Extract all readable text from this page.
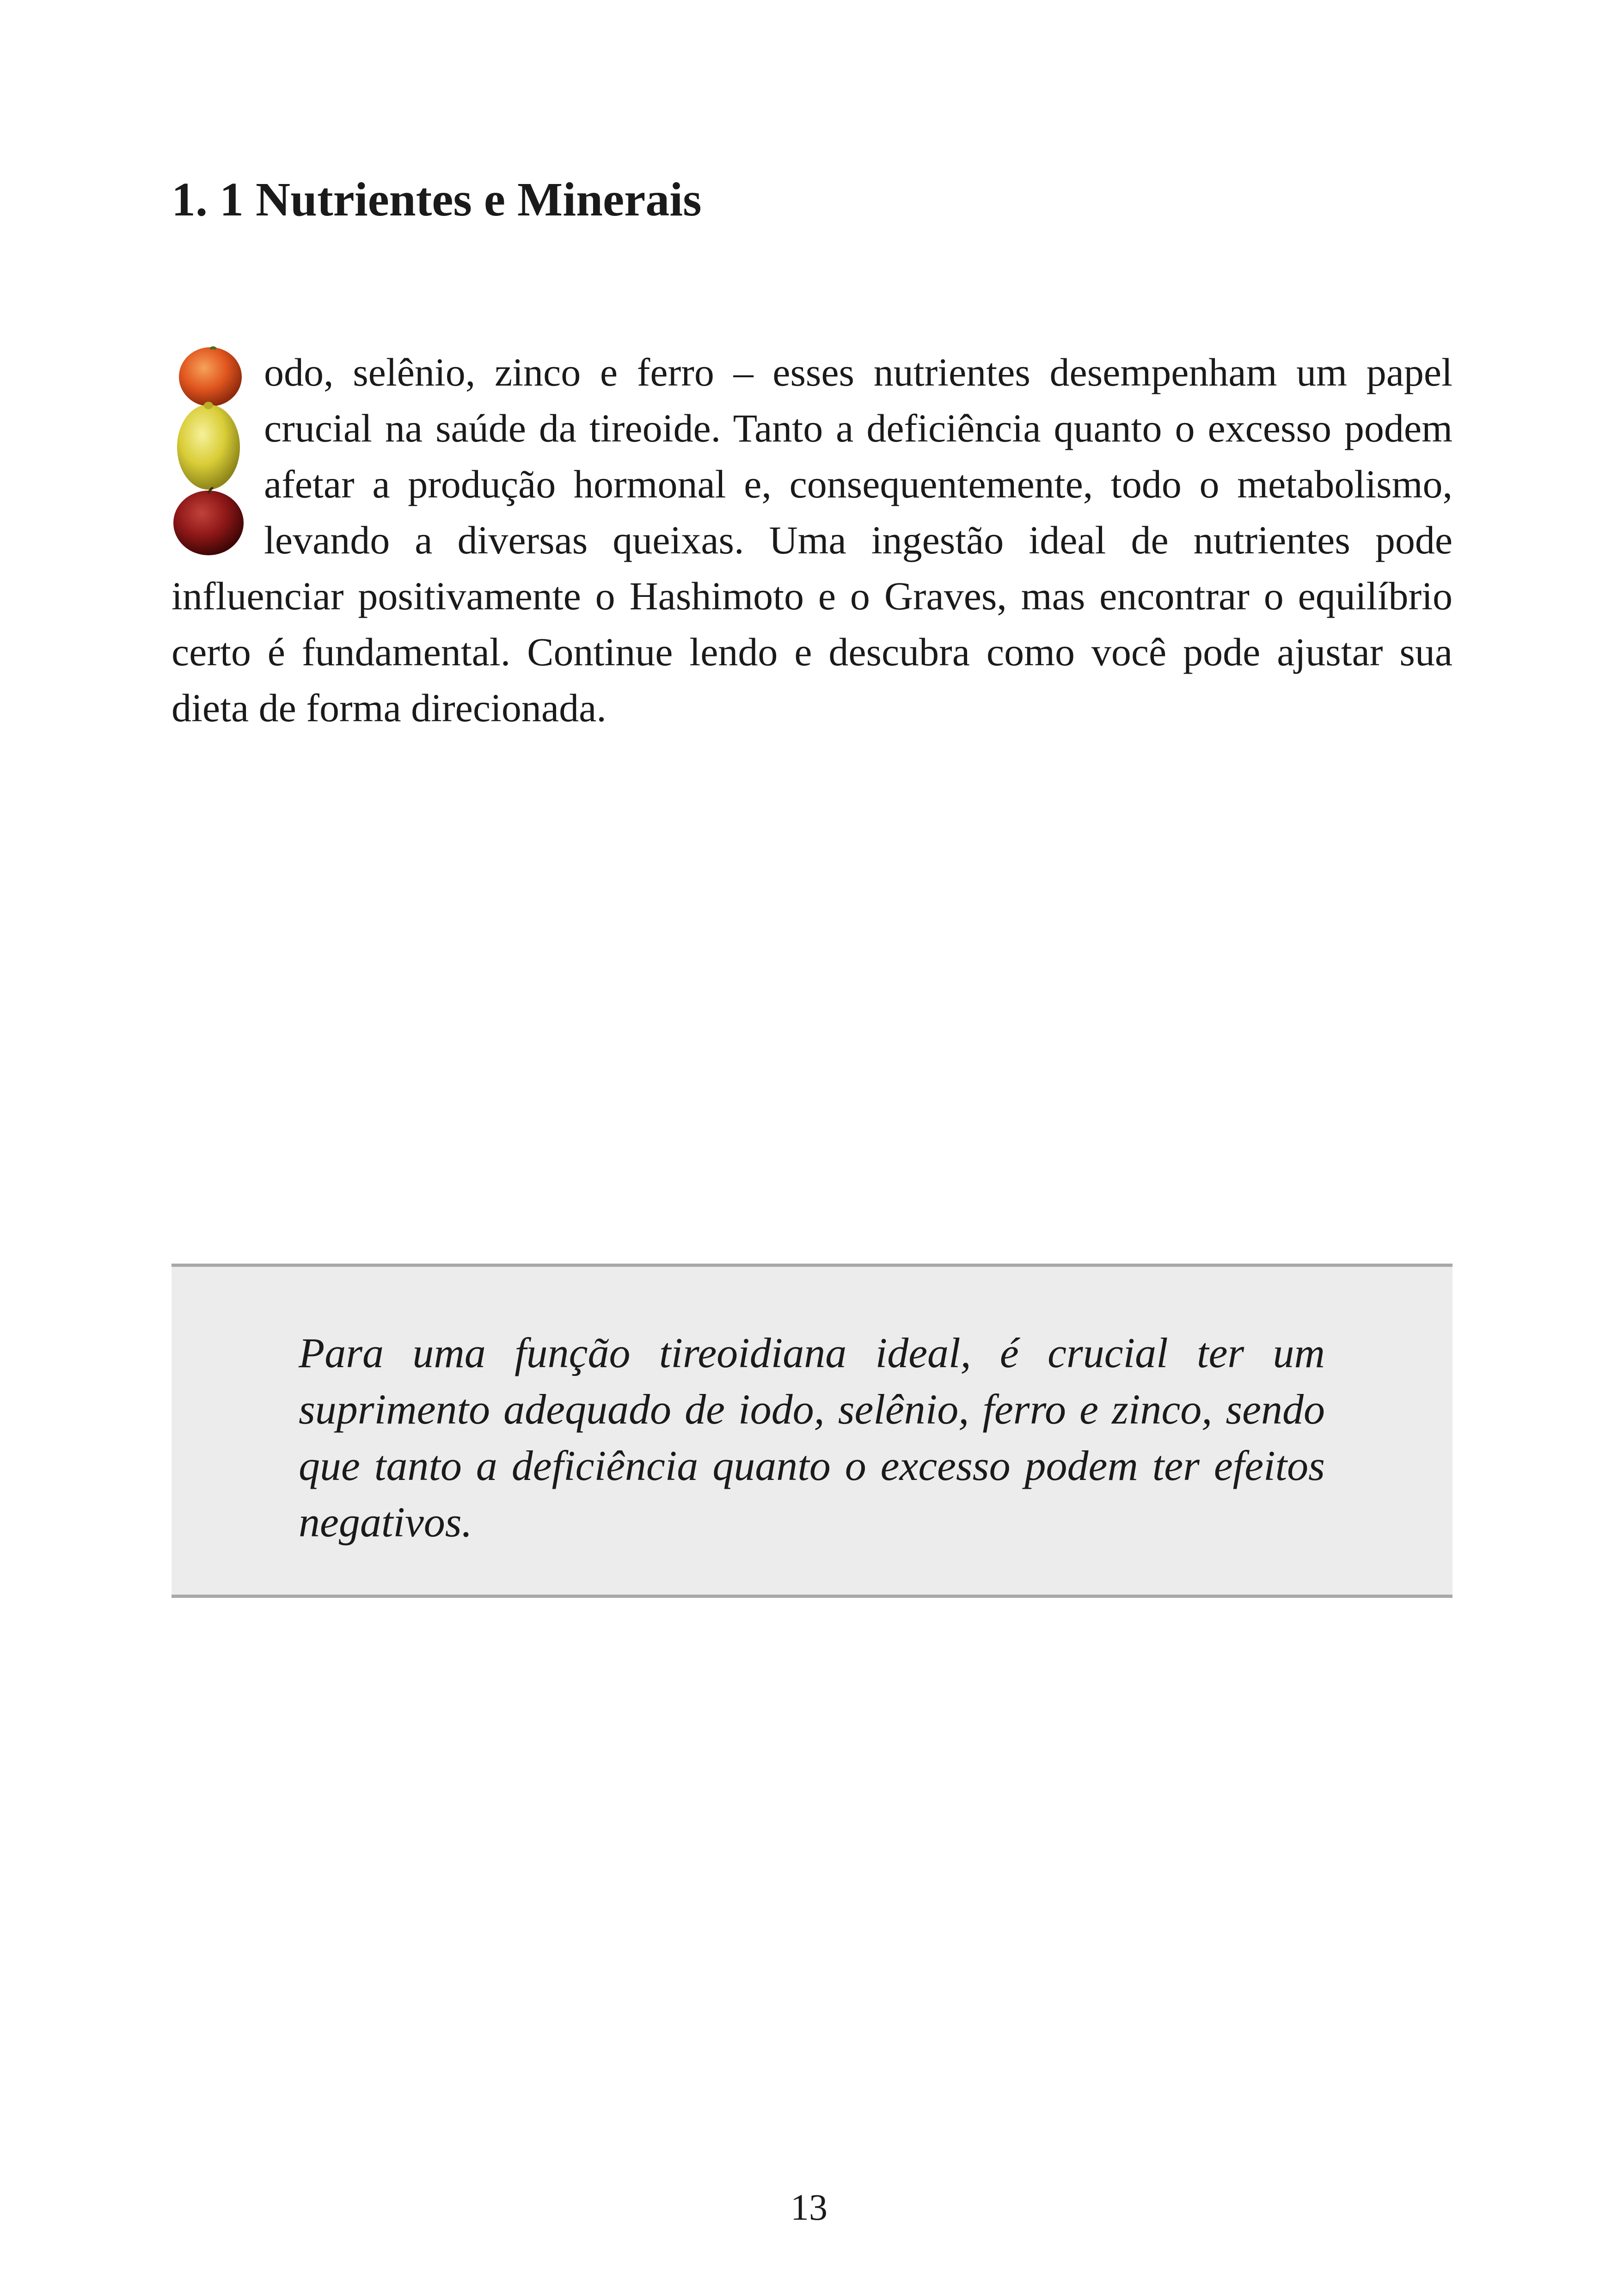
1. 1 Nutrientes e Minerais

odo, selênio, zinco e ferro – esses nutrientes desempenham um papel crucial na saúde da tireoide. Tanto a deficiência quanto o excesso podem afetar a produção hormonal e, consequentemente, todo o metabolismo, levando a diversas queixas. Uma ingestão ideal de nutrientes pode influenciar positivamente o Hashimoto e o Graves, mas encontrar o equilíbrio certo é fundamental. Continue lendo e descubra como você pode ajustar sua dieta de forma direcionada.

Para uma função tireoidiana ideal, é crucial ter um suprimento adequado de iodo, selênio, ferro e zinco, sendo que tanto a deficiência quanto o excesso podem ter efeitos negativos.

13
